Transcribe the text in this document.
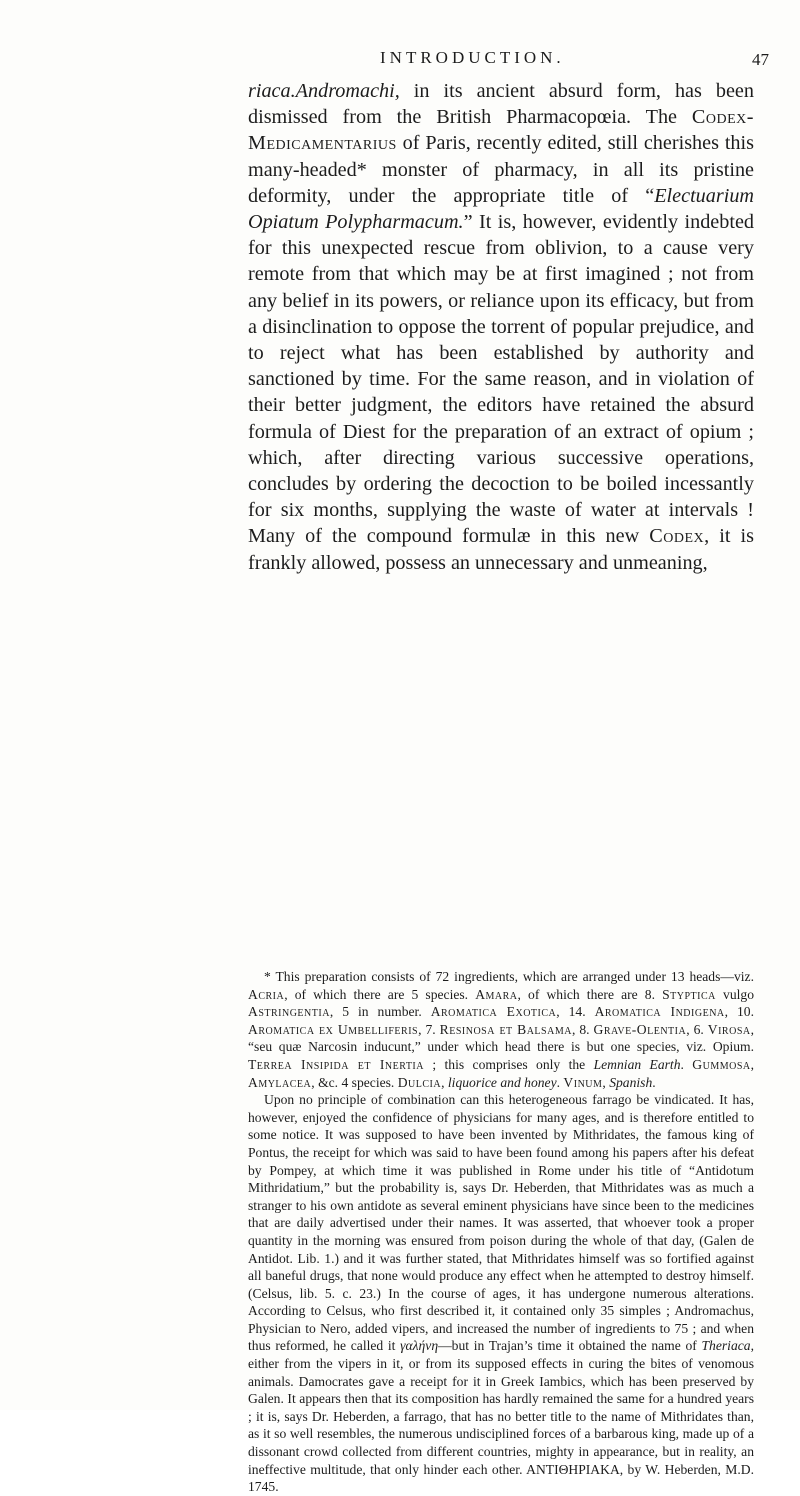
INTRODUCTION.	47

riaca.Andromachi, in its ancient absurd form, has been dismissed from the British Pharmacopœia. The Codex-Medicamentarius of Paris, recently edited, still cherishes this many-headed* monster of pharmacy, in all its pristine deformity, under the appropriate title of “Electuarium Opiatum Polypharmacum.” It is, however, evidently indebted for this unexpected rescue from oblivion, to a cause very remote from that which may be at first imagined ; not from any belief in its powers, or reliance upon its efficacy, but from a disinclination to oppose the torrent of popular prejudice, and to reject what has been established by authority and sanctioned by time. For the same reason, and in violation of their better judgment, the editors have retained the absurd formula of Diest for the preparation of an extract of opium ; which, after directing various successive operations, concludes by ordering the decoction to be boiled incessantly for six months, supplying the waste of water at intervals ! Many of the compound formulæ in this new Codex, it is frankly allowed, possess an unnecessary and unmeaning,

* This preparation consists of 72 ingredients, which are arranged under 13 heads—viz. Acria, of which there are 5 species. Amara, of which there are 8. Styptica vulgo Astringentia, 5 in number. Aromatica Exotica, 14. Aromatica Indigena, 10. Aromatica ex Umbelliferis, 7. Resinosa et Balsama, 8. Grave-Olentia, 6. Virosa, “seu quæ Narcosin inducunt,” under which head there is but one species, viz. Opium. Terrea Insipida et Inertia ; this comprises only the Lemnian Earth. Gummosa, Amylacea, &c. 4 species. Dulcia, liquorice and honey. Vinum, Spanish.

Upon no principle of combination can this heterogeneous farrago be vindicated. It has, however, enjoyed the confidence of physicians for many ages, and is therefore entitled to some notice. It was supposed to have been invented by Mithridates, the famous king of Pontus, the receipt for which was said to have been found among his papers after his defeat by Pompey, at which time it was published in Rome under his title of “Antidotum Mithridatium,” but the probability is, says Dr. Heberden, that Mithridates was as much a stranger to his own antidote as several eminent physicians have since been to the medicines that are daily advertised under their names. It was asserted, that whoever took a proper quantity in the morning was ensured from poison during the whole of that day, (Galen de Antidot. Lib. 1.) and it was further stated, that Mithridates himself was so fortified against all baneful drugs, that none would produce any effect when he attempted to destroy himself. (Celsus, lib. 5. c. 23.) In the course of ages, it has undergone numerous alterations. According to Celsus, who first described it, it contained only 35 simples ; Andromachus, Physician to Nero, added vipers, and increased the number of ingredients to 75 ; and when thus reformed, he called it γαλήνη—but in Trajan’s time it obtained the name of Theriaca, either from the vipers in it, or from its supposed effects in curing the bites of venomous animals. Damocrates gave a receipt for it in Greek Iambics, which has been preserved by Galen. It appears then that its composition has hardly remained the same for a hundred years ; it is, says Dr. Heberden, a farrago, that has no better title to the name of Mithridates than, as it so well resembles, the numerous undisciplined forces of a barbarous king, made up of a dissonant crowd collected from different countries, mighty in appearance, but in reality, an ineffective multitude, that only hinder each other. ANTIΘHPIAKA, by W. Heberden, M.D. 1745.
